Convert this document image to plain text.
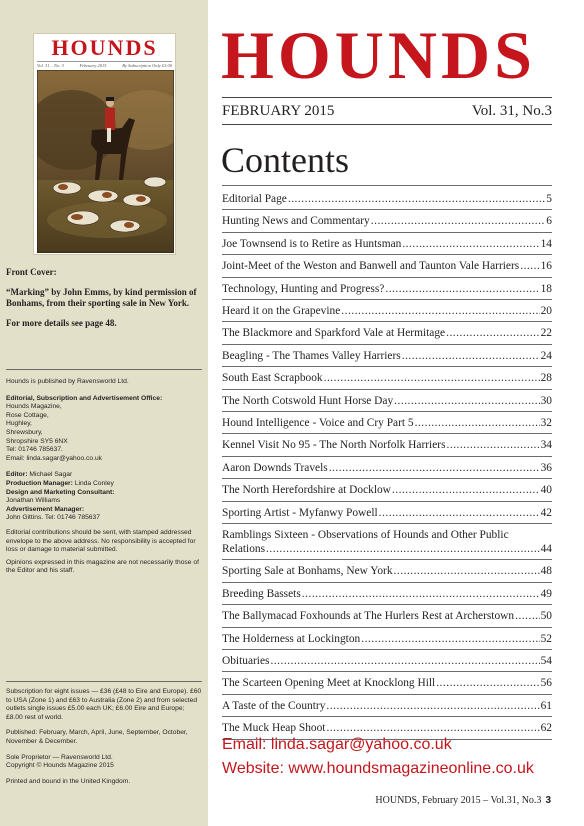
HOUNDS
Vol. 31 – No. 3	February 2015	By Subscription Only £3.00

Front Cover:

“Marking” by John Emms, by kind permission of Bonhams, from their sporting sale in New York.

For more details see page 48.

Hounds is published by Ravensworld Ltd.

Editorial, Subscription and Advertisement Office:

Hounds Magazine,

Rose Cottage,

Hughley,

Shrewsbury,

Shropshire SY5 6NX

Tel: 01746 785637.

Email: linda.sagar@yahoo.co.uk

Editor: Michael Sagar

Production Manager: Linda Conley

Design and Marketing Consultant:

Jonathan Williams

Advertisement Manager:

John Gittins. Tel: 01746 785637

Editorial contributions should be sent, with stamped addressed envelope to the above address. No responsibility is accepted for loss or damage to material submitted.

Opinions expressed in this magazine are not necessarily those of the Editor and his staff.

Subscription for eight issues — £36 (£48 to Eire and Europe). £60 to USA (Zone 1) and £63 to Australia (Zone 2) and from selected outlets single issues £5.00 each UK; £6.00 Eire and Europe; £8.00 rest of world.

Published: February, March, April, June, September, October, November & December.

Sole Proprietor — Ravensworld Ltd.

Copyright © Hounds Magazine 2015

Printed and bound in the United Kingdom.

HOUNDS
FEBRUARY 2015	Vol. 31, No.3
Contents
Editorial Page .....	5
Hunting News and Commentary .....	6
Joe Townsend is to Retire as Huntsman .....	14
Joint-Meet of the Weston and Banwell and Taunton Vale Harriers ..... 16
Technology, Hunting and Progress? .....	18
Heard it on the Grapevine .....	20
The Blackmore and Sparkford Vale at Hermitage .....	22
Beagling - The Thames Valley Harriers .....	24
South East Scrapbook .....	28
The North Cotswold Hunt Horse Day .....	30
Hound Intelligence - Voice and Cry Part 5 .....	32
Kennel Visit No 95 - The North Norfolk Harriers .....	34
Aaron Downds Travels .....	36
The North Herefordshire at Docklow .....	40
Sporting Artist - Myfanwy Powell .....	42
Ramblings Sixteen - Observations of Hounds and Other Public
Relations .....	44
Sporting Sale at Bonhams, New York .....	48
Breeding Bassets .....	49
The Ballymacad Foxhounds at The Hurlers Rest at Archerstown ..... 50
The Holderness at Lockington .....	52
Obituaries .....	54
The Scarteen Opening Meet at Knocklong Hill .....	56
A Taste of the Country .....	61
The Muck Heap Shoot .....	62
Email: linda.sagar@yahoo.co.uk
Website: www.houndsmagazineonline.co.uk
HOUNDS, February 2015 – Vol.31, No.3 3
